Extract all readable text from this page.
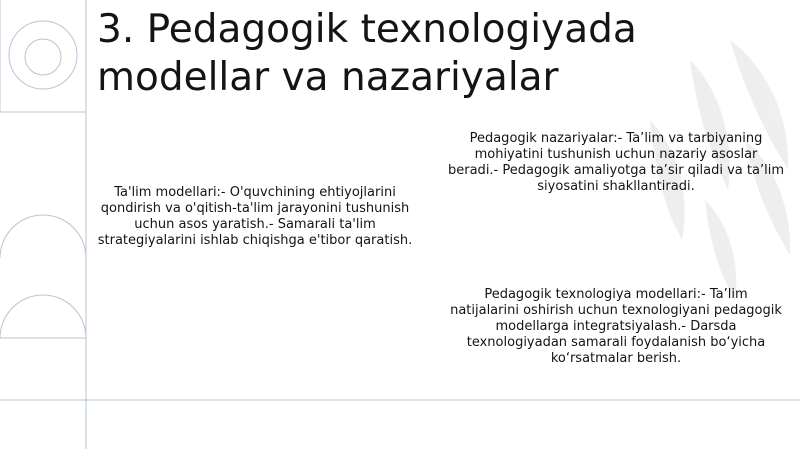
3. Pedagogik texnologiyada modellar va nazariyalar

Ta'lim modellari:- O'quvchining ehtiyojlarini qondirish va o'qitish-ta'lim jarayonini tushunish uchun asos yaratish.- Samarali ta'lim strategiyalarini ishlab chiqishga e'tibor qaratish.

Pedagogik nazariyalar:- Ta’lim va tarbiyaning mohiyatini tushunish uchun nazariy asoslar beradi.- Pedagogik amaliyotga ta’sir qiladi va ta’lim siyosatini shakllantiradi.

Pedagogik texnologiya modellari:- Ta’lim natijalarini oshirish uchun texnologiyani pedagogik modellarga integratsiyalash.- Darsda texnologiyadan samarali foydalanish bo‘yicha ko‘rsatmalar berish.
